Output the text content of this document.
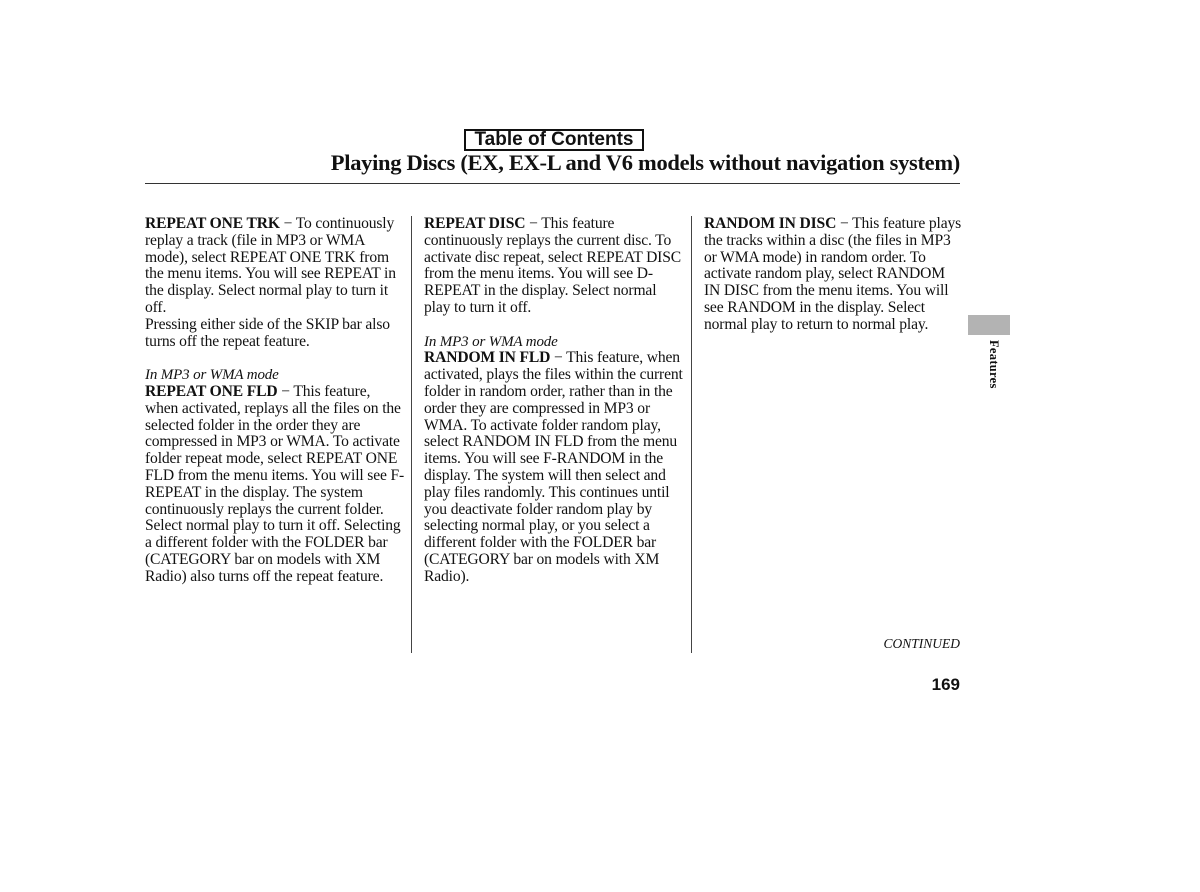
Table of Contents
Playing Discs (EX, EX-L and V6 models without navigation system)

REPEAT ONE TRK − To continuously replay a track (file in MP3 or WMA mode), select REPEAT ONE TRK from the menu items. You will see REPEAT in the display. Select normal play to turn it off.

Pressing either side of the SKIP bar also turns off the repeat feature.

In MP3 or WMA mode

REPEAT ONE FLD − This feature, when activated, replays all the files on the selected folder in the order they are compressed in MP3 or WMA. To activate folder repeat mode, select REPEAT ONE FLD from the menu items. You will see F-REPEAT in the display. The system continuously replays the current folder. Select normal play to turn it off. Selecting a different folder with the FOLDER bar (CATEGORY bar on models with XM Radio) also turns off the repeat feature.

REPEAT DISC − This feature continuously replays the current disc. To activate disc repeat, select REPEAT DISC from the menu items. You will see D-REPEAT in the display. Select normal play to turn it off.

In MP3 or WMA mode

RANDOM IN FLD − This feature, when activated, plays the files within the current folder in random order, rather than in the order they are compressed in MP3 or WMA. To activate folder random play, select RANDOM IN FLD from the menu items. You will see F-RANDOM in the display. The system will then select and play files randomly. This continues until you deactivate folder random play by selecting normal play, or you select a different folder with the FOLDER bar (CATEGORY bar on models with XM Radio).

RANDOM IN DISC − This feature plays the tracks within a disc (the files in MP3 or WMA mode) in random order. To activate random play, select RANDOM IN DISC from the menu items. You will see RANDOM in the display. Select normal play to return to normal play.

Features
CONTINUED
169
